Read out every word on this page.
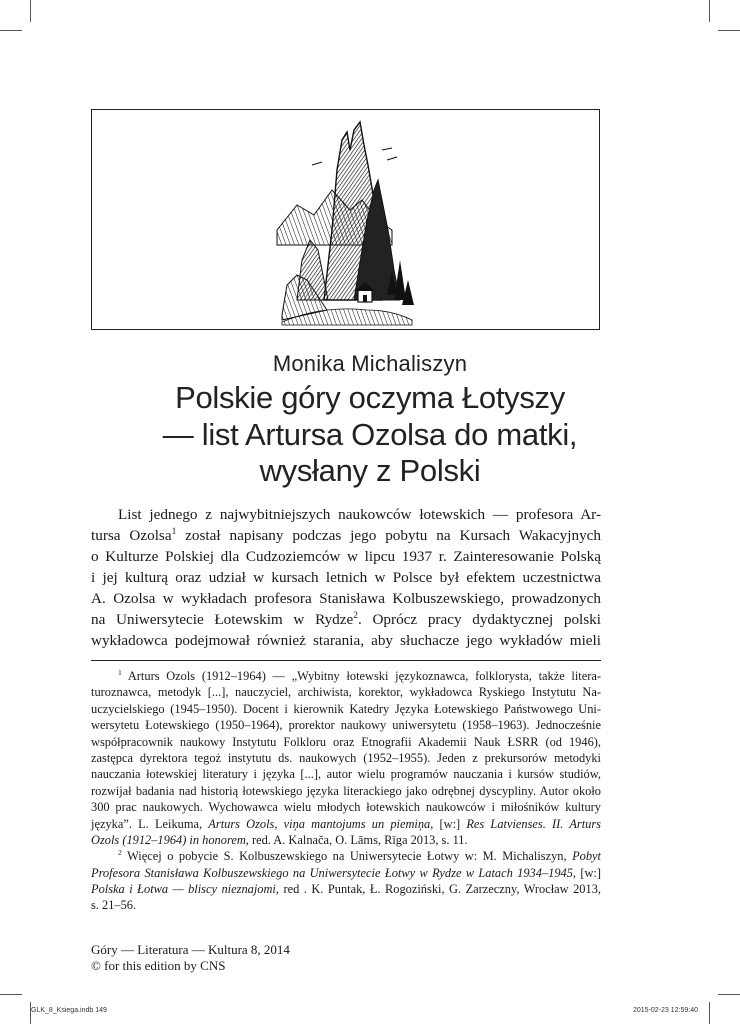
Monika Michaliszyn
Polskie góry oczyma Łotyszy
— list Artursa Ozolsa do matki,
wysłany z Polski
List jednego z najwybitniejszych naukowców łotewskich — profesora Ar-
tursa Ozolsa$^1$ został napisany podczas jego pobytu na Kursach Wakacyjnych
o Kulturze Polskiej dla Cudzoziemców w lipcu 1937 r. Zainteresowanie Polską
i jej kulturą oraz udział w kursach letnich w Polsce był efektem uczestnictwa
A. Ozolsa w wykładach profesora Stanisława Kolbuszewskiego, prowadzonych
na Uniwersytecie Łotewskim w Rydze$^2$. Oprócz pracy dydaktycznej polski
wykładowca podejmował również starania, aby słuchacze jego wykładów mieli
$^1$ Arturs Ozols (1912–1964) — „Wybitny łotewski językoznawca, folklorysta, także litera-
turoznawca, metodyk [...], nauczyciel, archiwista, korektor, wykładowca Ryskiego Instytutu Na-
uczycielskiego (1945–1950). Docent i kierownik Katedry Języka Łotewskiego Państwowego Uni-
wersytetu Łotewskiego (1950–1964), prorektor naukowy uniwersytetu (1958–1963). Jednocześnie
współpracownik naukowy Instytutu Folkloru oraz Etnografii Akademii Nauk ŁSRR (od 1946),
zastępca dyrektora tegoż instytutu ds. naukowych (1952–1955). Jeden z prekursorów metodyki
nauczania łotewskiej literatury i języka [...], autor wielu programów nauczania i kursów studiów,
rozwijał badania nad historią łotewskiego języka literackiego jako odrębnej dyscypliny. Autor około
300 prac naukowych. Wychowawca wielu młodych łotewskich naukowców i miłośników kultury
języka”. L. Leikuma, Arturs Ozols, viņa mantojums un piemiņa, [w:] Res Latvienses. II. Arturs
Ozols (1912–1964) in honorem, red. A. Kalnača, O. Lāms, Rīga 2013, s. 11.
$^2$ Więcej o pobycie S. Kolbuszewskiego na Uniwersytecie Łotwy w: M. Michaliszyn, Pobyt
Profesora Stanisława Kolbuszewskiego na Uniwersytecie Łotwy w Rydze w Latach 1934–1945, [w:]
Polska i Łotwa — bliscy nieznajomi, red . K. Puntak, Ł. Rogoziński, G. Zarzeczny, Wrocław 2013,
s. 21–56.
Góry — Literatura — Kultura 8, 2014
© for this edition by CNS
GLK_8_Ksiega.indb 149	2015-02-23 12:59:40
